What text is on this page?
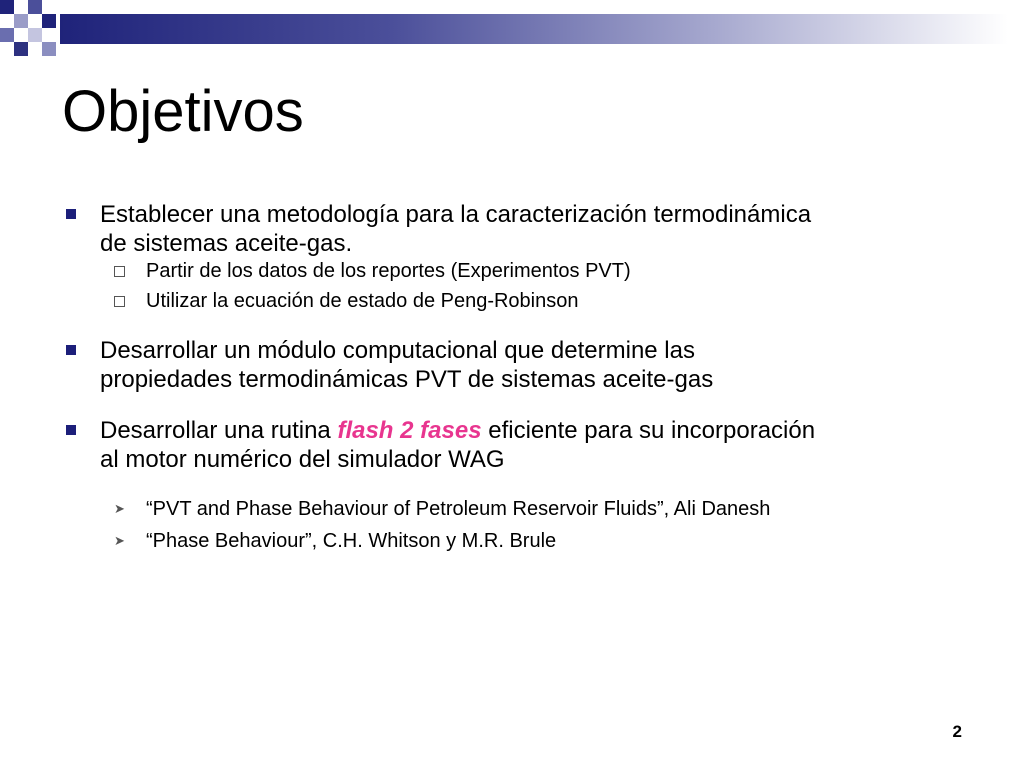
Objetivos
Establecer una metodología para la caracterización termodinámica
de sistemas aceite-gas.
Partir de los datos de los reportes (Experimentos PVT)
Utilizar la ecuación de estado de Peng-Robinson
Desarrollar un módulo computacional que determine las
propiedades termodinámicas PVT de sistemas aceite-gas
Desarrollar una rutina flash 2 fases eficiente para su incorporación
al motor numérico del simulador WAG
➤ “PVT and Phase Behaviour of Petroleum Reservoir Fluids”, Ali Danesh
➤ “Phase Behaviour”, C.H. Whitson y M.R. Brule
2
